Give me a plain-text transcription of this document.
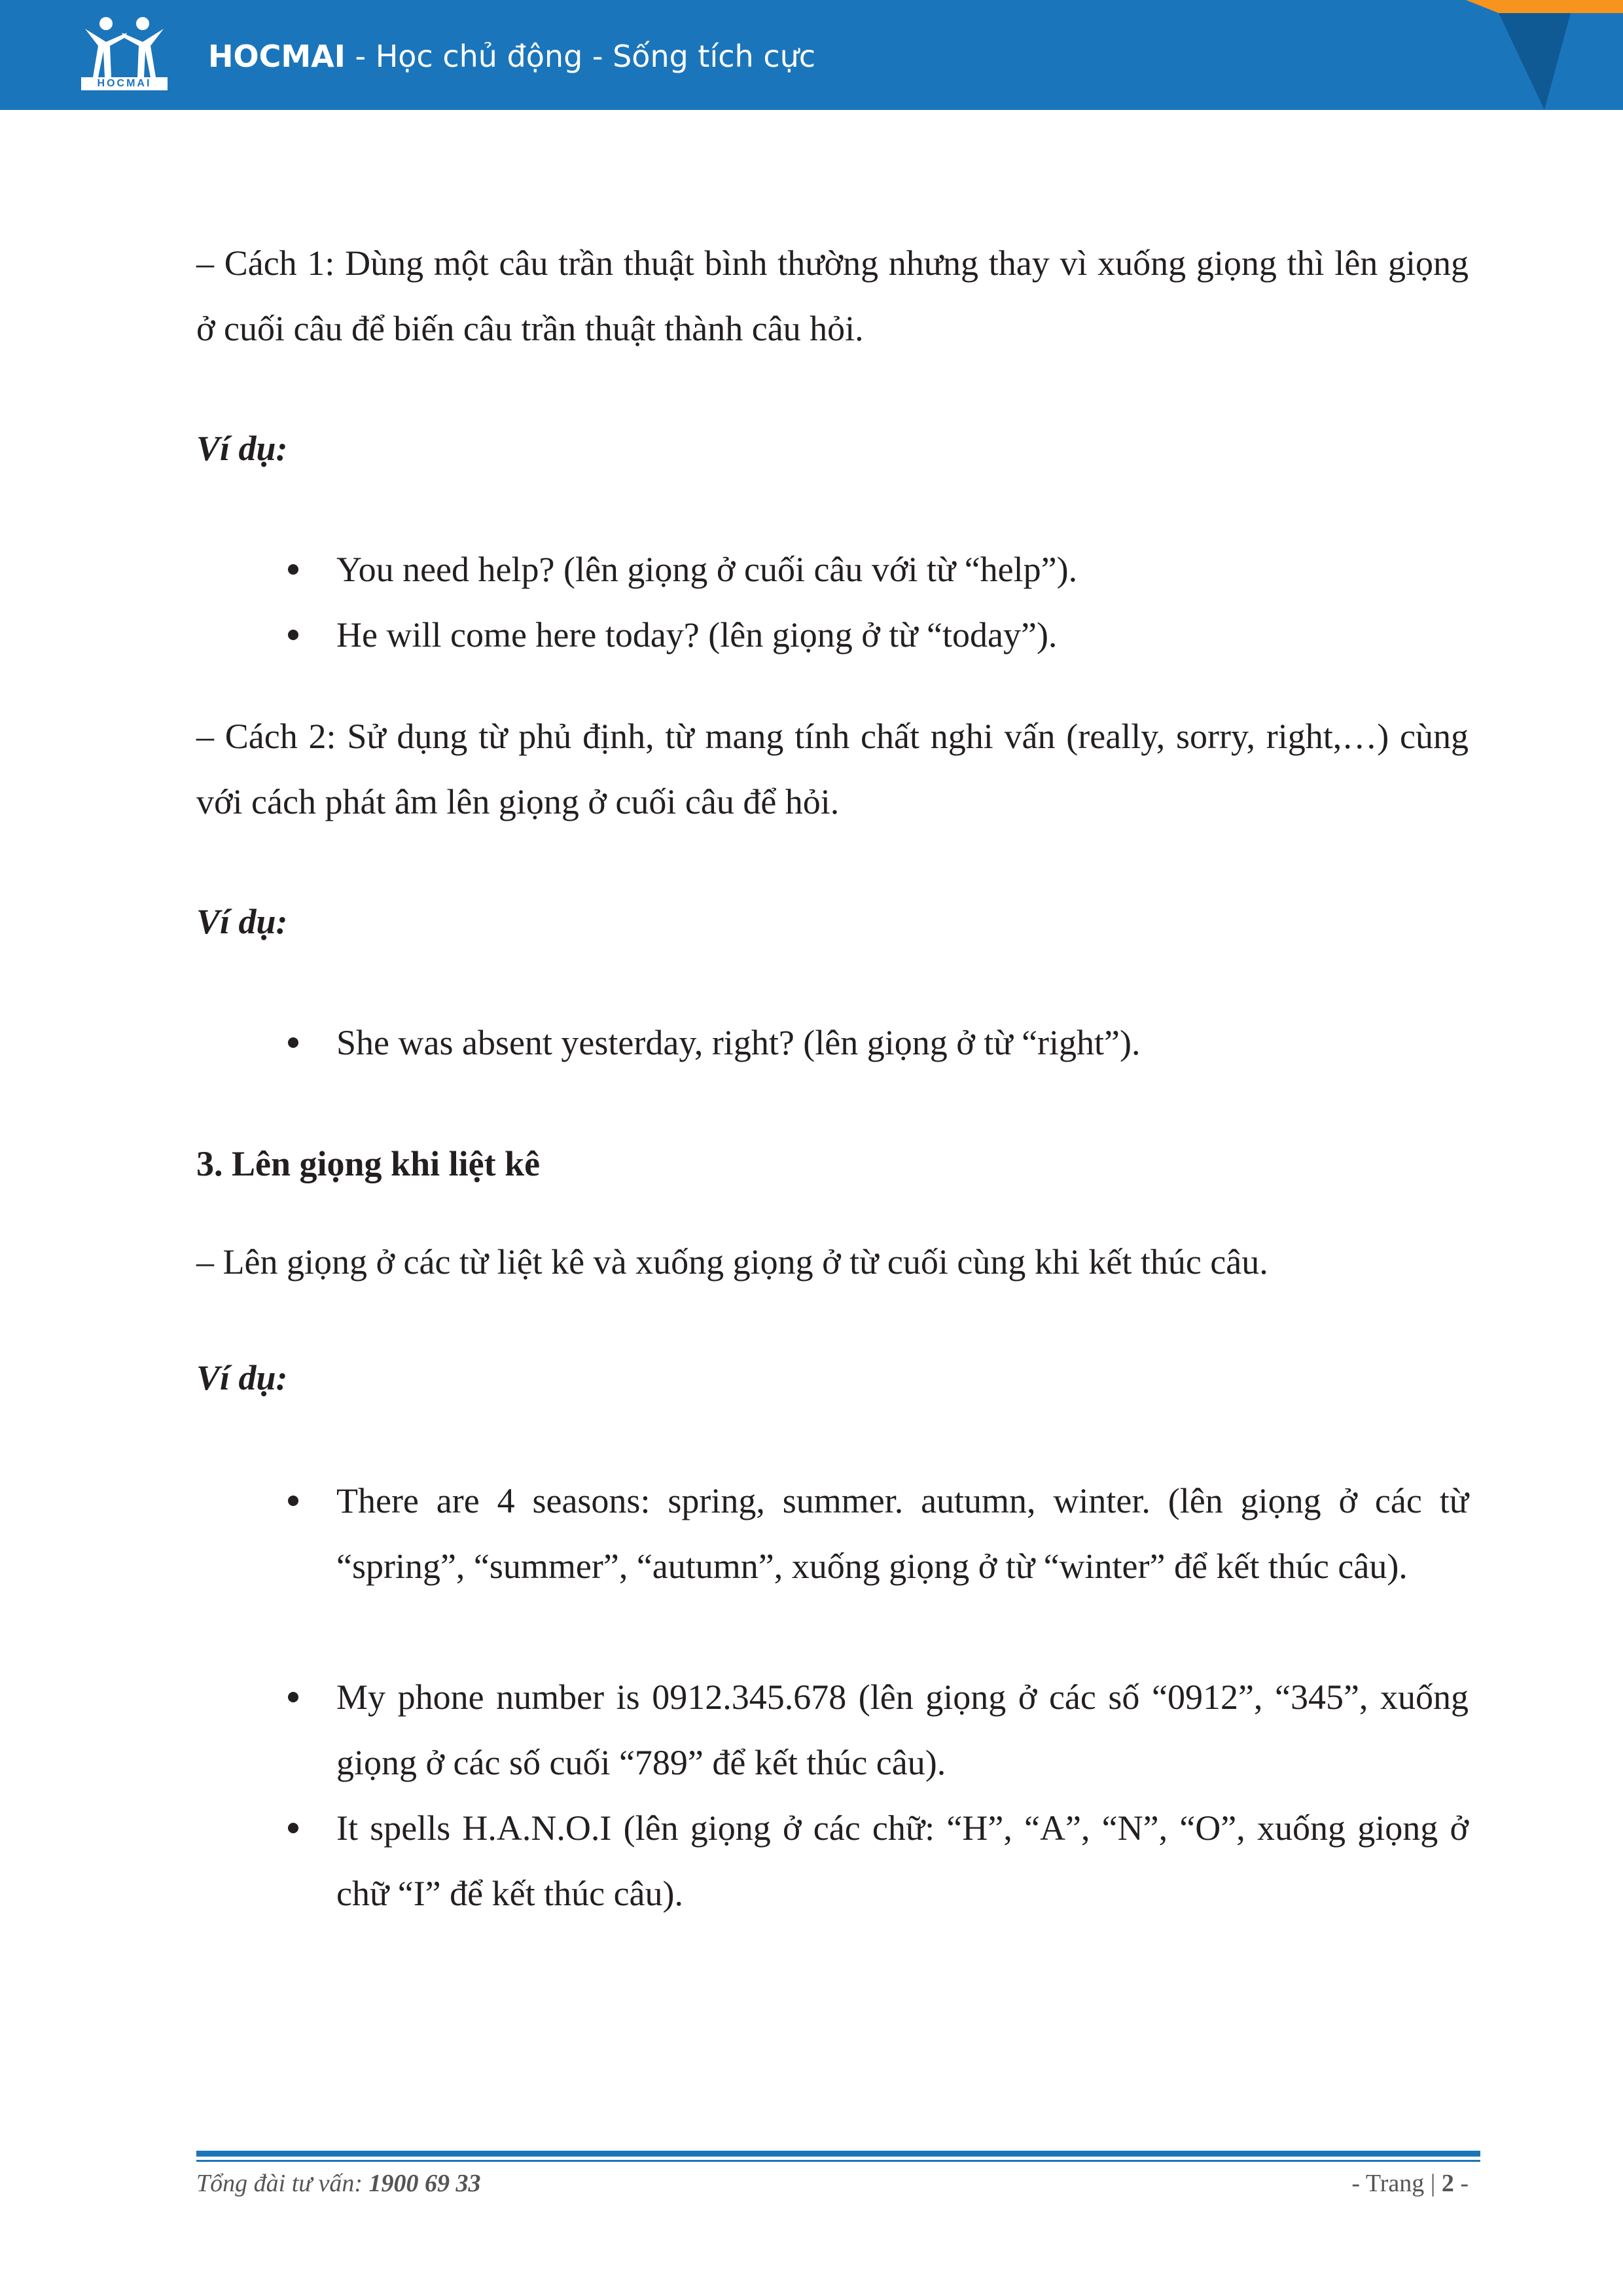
HOCMAI
HOCMAI - Học chủ động - Sống tích cực

– Cách 1: Dùng một câu trần thuật bình thường nhưng thay vì xuống giọng thì lên giọng ở cuối câu để biến câu trần thuật thành câu hỏi.

Ví dụ:

You need help? (lên giọng ở cuối câu với từ “help”).

He will come here today? (lên giọng ở từ “today”).

– Cách 2: Sử dụng từ phủ định, từ mang tính chất nghi vấn (really, sorry, right,…) cùng với cách phát âm lên giọng ở cuối câu để hỏi.

Ví dụ:

She was absent yesterday, right? (lên giọng ở từ “right”).

3. Lên giọng khi liệt kê

– Lên giọng ở các từ liệt kê và xuống giọng ở từ cuối cùng khi kết thúc câu.

Ví dụ:

There are 4 seasons: spring, summer. autumn, winter. (lên giọng ở các từ “spring”, “summer”, “autumn”, xuống giọng ở từ “winter” để kết thúc câu).

My phone number is 0912.345.678 (lên giọng ở các số “0912”, “345”, xuống giọng ở các số cuối “789” để kết thúc câu).

It spells H.A.N.O.I (lên giọng ở các chữ: “H”, “A”, “N”, “O”, xuống giọng ở chữ “I” để kết thúc câu).

Tổng đài tư vấn: 1900 69 33	- Trang | 2 -
